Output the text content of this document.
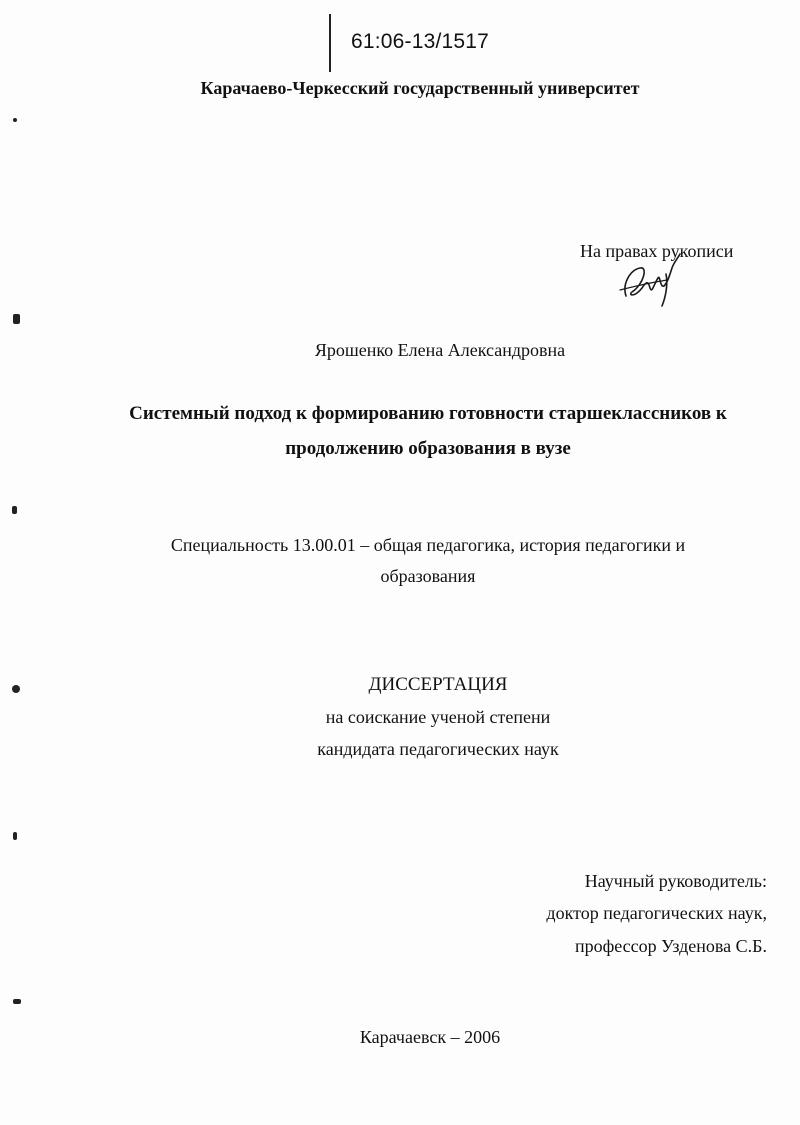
61:06-13/1517
Карачаево-Черкесский государственный университет
На правах рукописи
Ярошенко Елена Александровна
Системный подход к формированию готовности старшеклассников к
продолжению образования в вузе
Специальность 13.00.01 – общая педагогика, история педагогики и
образования
ДИССЕРТАЦИЯ
на соискание ученой степени
кандидата педагогических наук
Научный руководитель:
доктор педагогических наук,
профессор Узденова С.Б.
Карачаевск – 2006
